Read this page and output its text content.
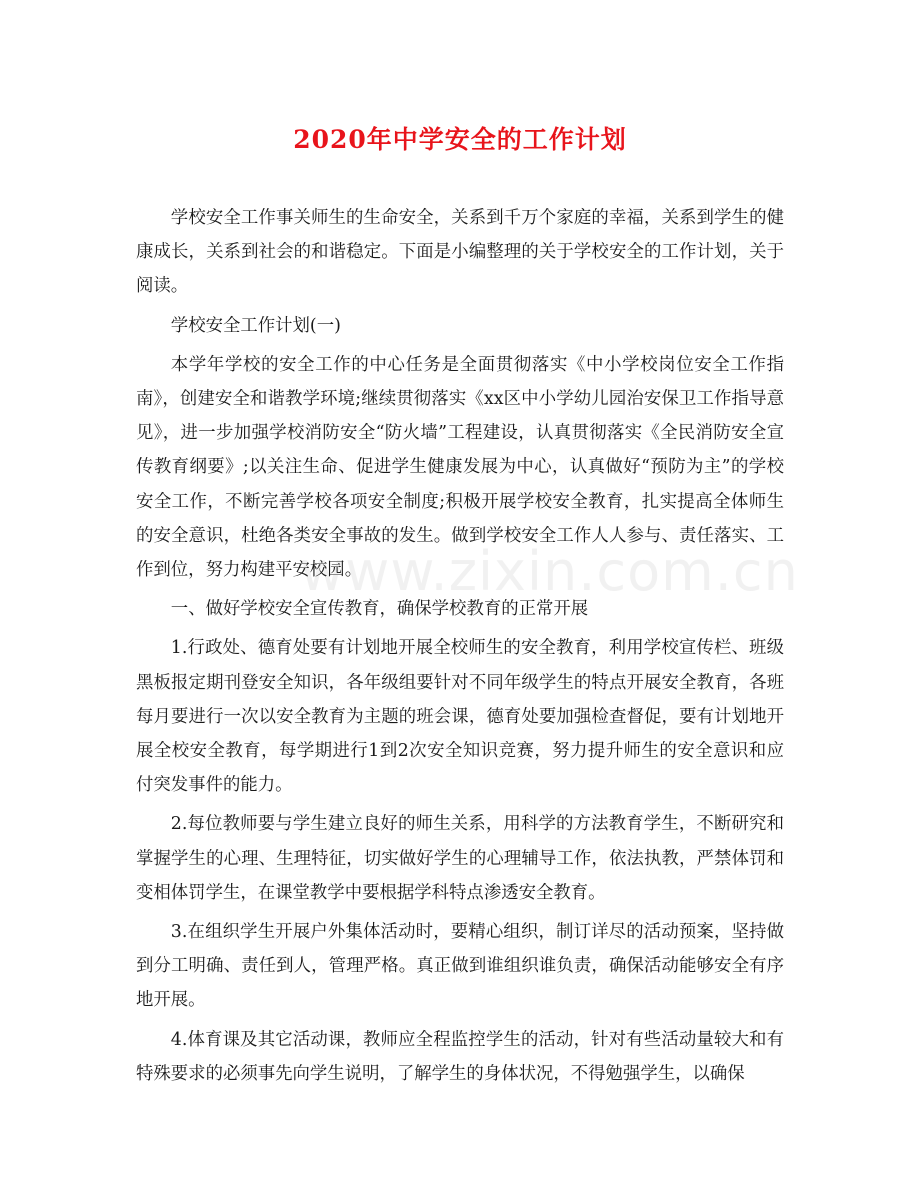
2020年中学安全的工作计划

学校安全工作事关师生的生命安全，关系到千万个家庭的幸福，关系到学生的健康成长，关系到社会的和谐稳定。下面是小编整理的关于学校安全的工作计划，关于阅读。

学校安全工作计划(一)

本学年学校的安全工作的中心任务是全面贯彻落实《中小学校岗位安全工作指南》，创建安全和谐教学环境;继续贯彻落实《xx区中小学幼儿园治安保卫工作指导意见》，进一步加强学校消防安全“防火墙”工程建设，认真贯彻落实《全民消防安全宣传教育纲要》;以关注生命、促进学生健康发展为中心，认真做好“预防为主”的学校安全工作，不断完善学校各项安全制度;积极开展学校安全教育，扎实提高全体师生的安全意识，杜绝各类安全事故的发生。做到学校安全工作人人参与、责任落实、工作到位，努力构建平安校园。

一、做好学校安全宣传教育，确保学校教育的正常开展

1.行政处、德育处要有计划地开展全校师生的安全教育，利用学校宣传栏、班级黑板报定期刊登安全知识，各年级组要针对不同年级学生的特点开展安全教育，各班每月要进行一次以安全教育为主题的班会课，德育处要加强检查督促，要有计划地开展全校安全教育，每学期进行1到2次安全知识竞赛，努力提升师生的安全意识和应付突发事件的能力。

2.每位教师要与学生建立良好的师生关系，用科学的方法教育学生，不断研究和掌握学生的心理、生理特征，切实做好学生的心理辅导工作，依法执教，严禁体罚和变相体罚学生，在课堂教学中要根据学科特点渗透安全教育。

3.在组织学生开展户外集体活动时，要精心组织，制订详尽的活动预案，坚持做到分工明确、责任到人，管理严格。真正做到谁组织谁负责，确保活动能够安全有序地开展。

4.体育课及其它活动课，教师应全程监控学生的活动，针对有些活动量较大和有特殊要求的必须事先向学生说明，了解学生的身体状况，不得勉强学生，以确保

www.zixin.com.cn
